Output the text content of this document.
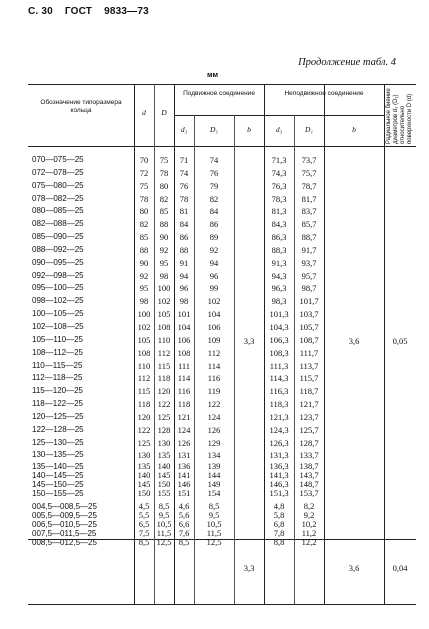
С. 30 ГОСТ 9833—73
Продолжение табл. 4
мм
Обозначение типоразмера кольца	d	D
Подвижное соединение	Неподвижное соединение
d₃	D₁	b	d₃	D₁	b	Радиальное биение диаметров d₃ (D₁) относительно поверхности D (d)
070—075—25	70	75	71	74	71,3	73,7
072—078—25	72	78	74	76	74,3	75,7
075—080—25	75	80	76	79	76,3	78,7
078—082—25	78	82	78	82	78,3	81,7
080—085—25	80	85	81	84	81,3	83,7
082—088—25	82	88	84	86	84,3	85,7
085—090—25	85	90	86	89	86,3	88,7
088—092—25	88	92	88	92	88,3	91,7
090—095—25	90	95	91	94	91,3	93,7
092—098—25	92	98	94	96	94,3	95,7
095—100—25	95	100	96	99	96,3	98,7
098—102—25	98	102	98	102	98,3	101,7
100—105—25	100 105 101	104	101,3	103,7
102—108—25	102 108 104	106	104,3	105,7
105—110—25	105 110 106	109	106,3	108,7
108—112—25	108 112 108	112	108,3	111,7
110—115—25	110 115 111	114	111,3	113,7
112—118—25	112 118 114	116	114,3	115,7
115—120—25	115 120 116	119	116,3	118,7
118—122—25	118 122 118	122	118,3	121,7
120—125—25	120 125 121	124	121,3	123,7
122—128—25	122 128 124	126	124,3	125,7
125—130—25	125 130 126	129	126,3	128,7
130—135—25	130 135 131	134	131,3	133,7
135—140—25	135 140 136	139	136,3	138,7
140—145—25	140 145 141	144	141,3	143,7
145—150—25	145 150 146	149	146,3	148,7
150—155—25	150 155 151	154	151,3	153,7
004,5—008,5—25	4,5	8,5	4,6	8,5	4,8	8,2
005,5—009,5—25	5,5	9,5	5,6	9,5	5,8	9,2
006,5—010,5—25	6,5 10,5 6,6	10,5	6,8	10,2
007,5—011,5—25	7,5 11,5 7,6	11,5	7,8	11,2
008,5—012,5—25	8,5 12,5 8,5	12,5	8,8	12,2
3,3	3,6	0,05
3,3	3,6	0,04
